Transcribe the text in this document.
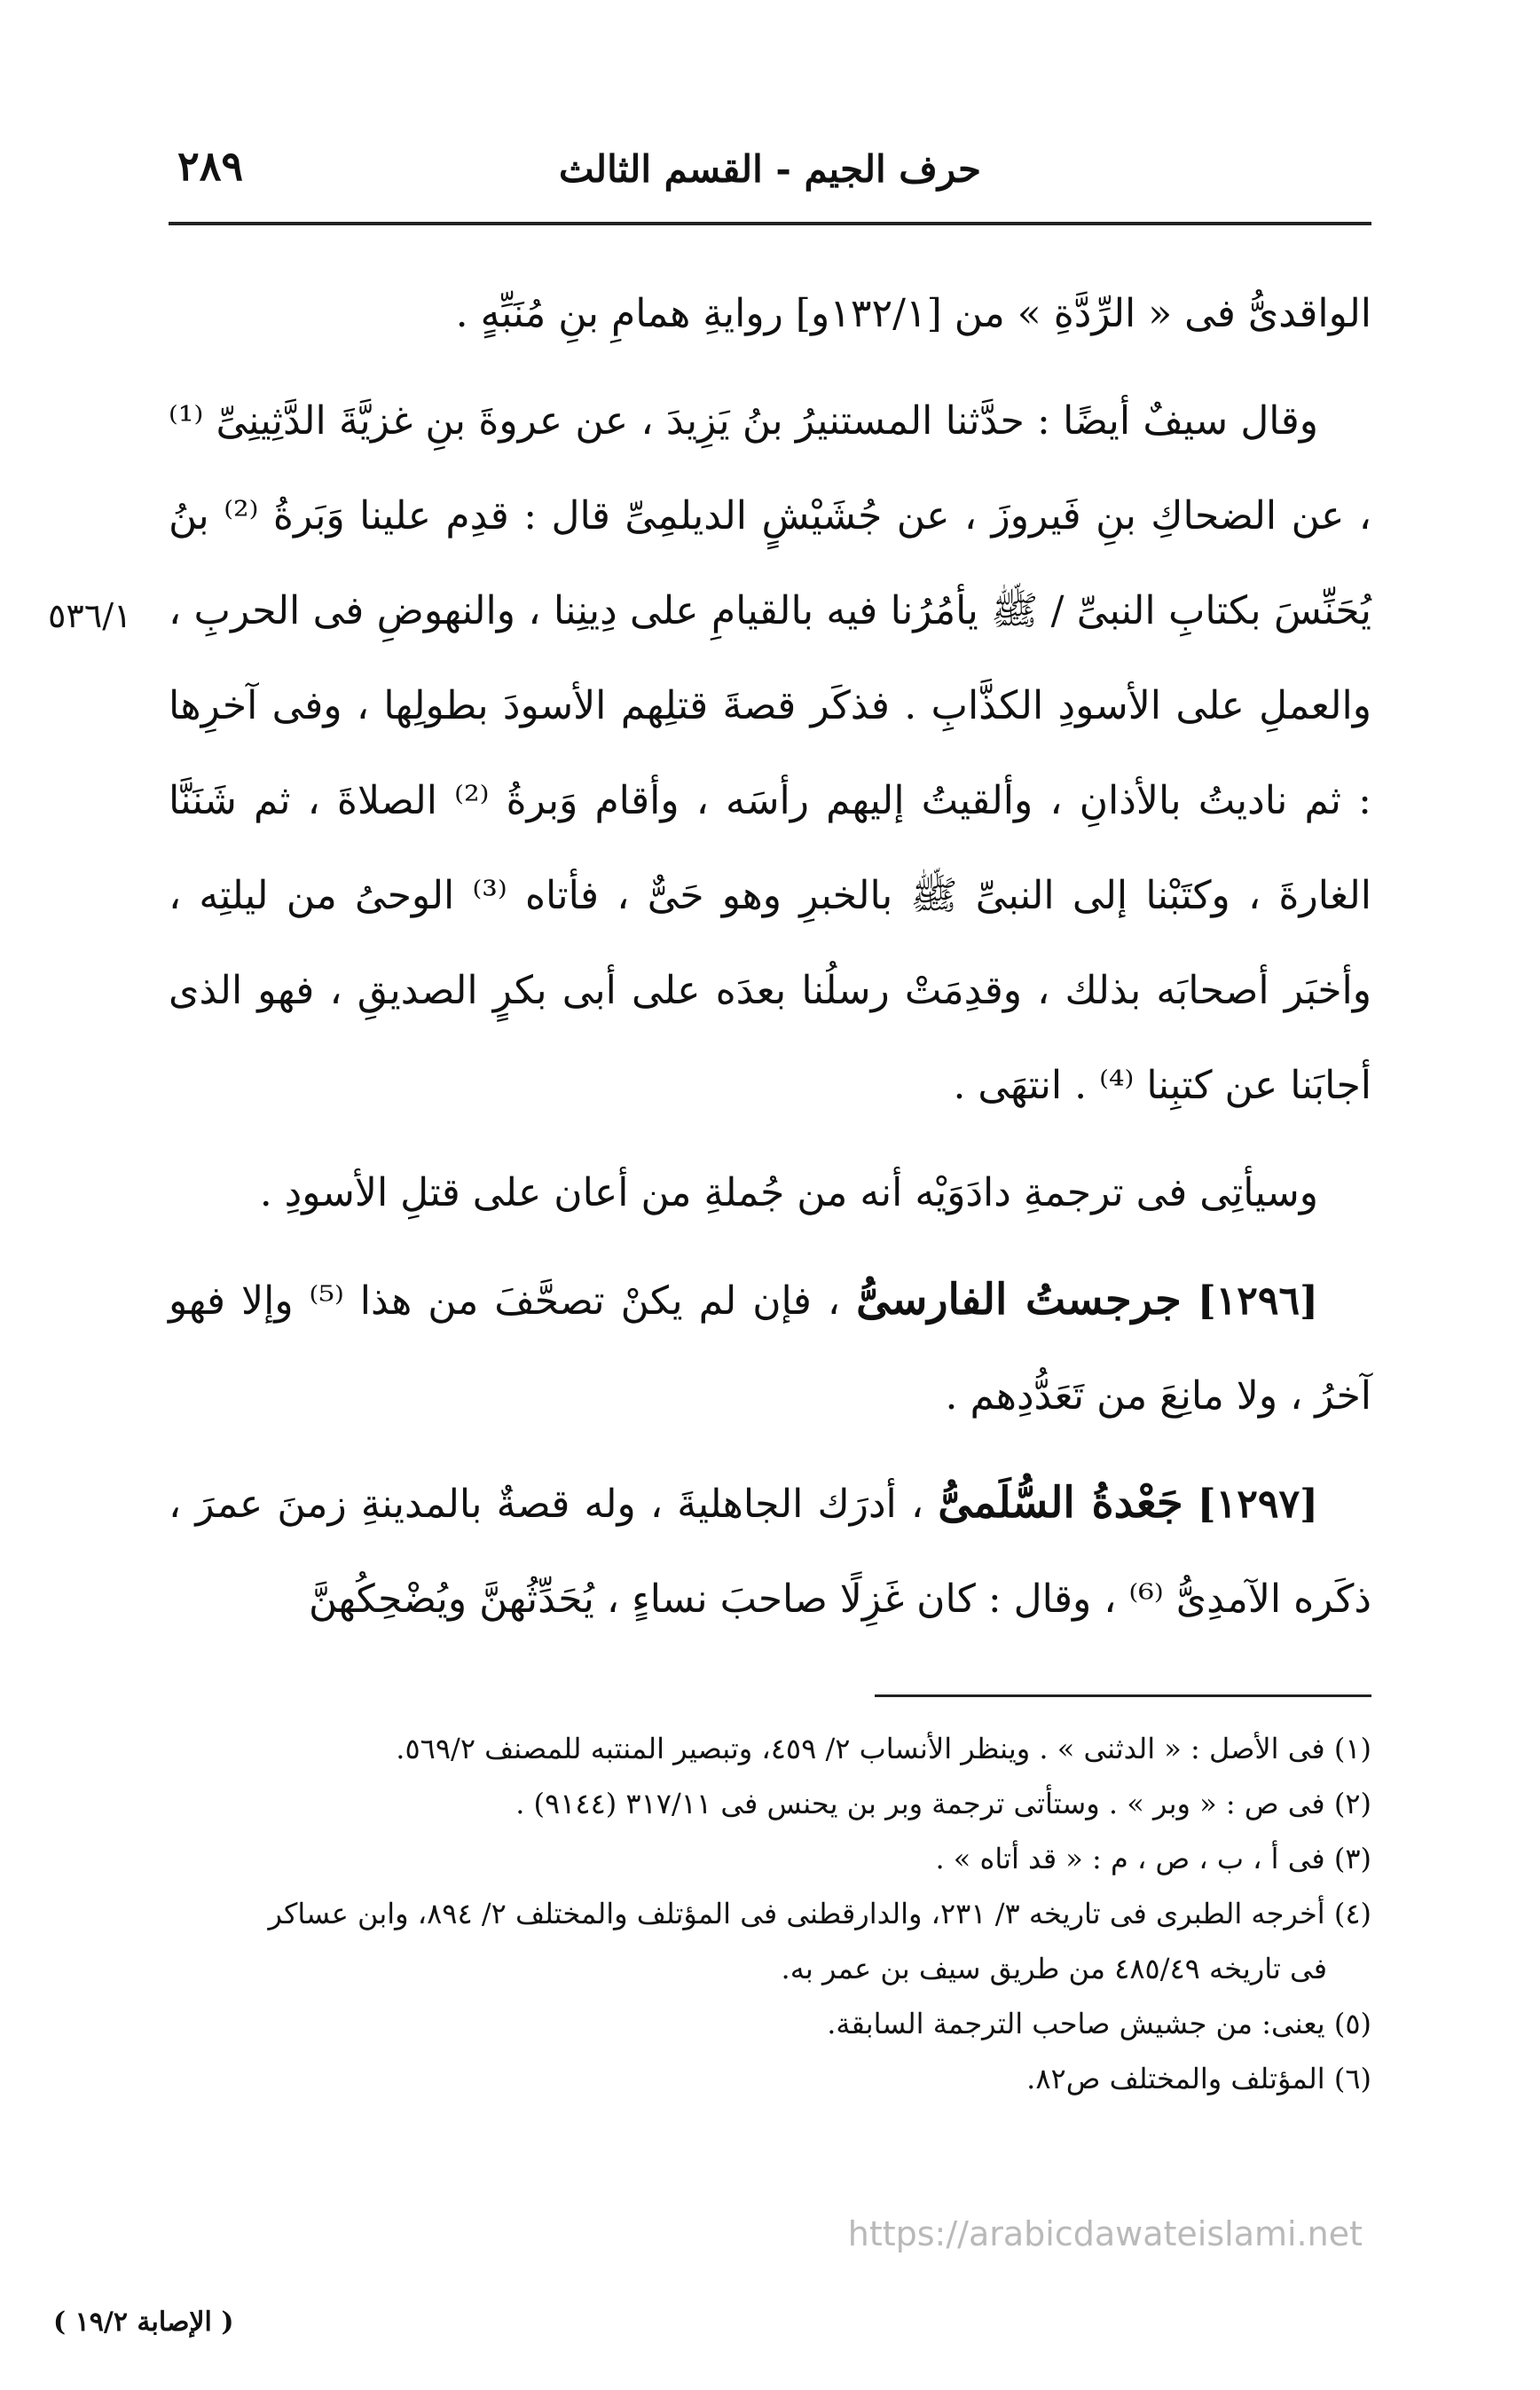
٢٨٩	حرف الجيم - القسم الثالث
٥٣٦/١

الواقدىُّ فى « الرِّدَّةِ » من [١٣٢/١و] روايةِ همامِ بنِ مُنَبِّهٍ .

وقال سيفٌ أيضًا : حدَّثنا المستنيرُ بنُ يَزِيدَ ، عن عروةَ بنِ غزيَّةَ الدَّثِينِىِّ ⁽¹⁾ ، عن الضحاكِ بنِ فَيروزَ ، عن جُشَيْشٍ الديلمِىِّ قال : قدِم علينا وَبَرةُ ⁽²⁾ بنُ يُحَنِّسَ بكتابِ النبىِّ / ﷺ يأمُرُنا فيه بالقيامِ على دِينِنا ، والنهوضِ فى الحربِ ، والعملِ على الأسودِ الكذَّابِ . فذكَر قصةَ قتلِهم الأسودَ بطولِها ، وفى آخرِها : ثم ناديتُ بالأذانِ ، وألقيتُ إليهم رأسَه ، وأقام وَبرةُ ⁽²⁾ الصلاةَ ، ثم شَنَنَّا الغارةَ ، وكتَبْنا إلى النبىِّ ﷺ بالخبرِ وهو حَىٌّ ، فأتاه ⁽³⁾ الوحىُ من ليلتِه ، وأخبَر أصحابَه بذلك ، وقدِمَتْ رسلُنا بعدَه على أبى بكرٍ الصديقِ ، فهو الذى أجابَنا عن كتبِنا ⁽⁴⁾ . انتهَى .

وسيأتِى فى ترجمةِ دادَوَيْه أنه من جُملةِ من أعان على قتلِ الأسودِ .

[١٢٩٦] جرجستُ الفارسىُّ ، فإن لم يكنْ تصحَّفَ من هذا ⁽⁵⁾ وإلا فهو آخرُ ، ولا مانِعَ من تَعَدُّدِهم .

[١٢٩٧] جَعْدةُ السُّلَمىُّ ، أدرَك الجاهليةَ ، وله قصةٌ بالمدينةِ زمنَ عمرَ ، ذكَره الآمدِىُّ ⁽⁶⁾ ، وقال : كان غَزِلًا صاحبَ نساءٍ ، يُحَدِّثُهنَّ ويُضْحِكُهنَّ

(١) فى الأصل : « الدثنى » . وينظر الأنساب ٢/ ٤٥٩، وتبصير المنتبه للمصنف ٥٦٩/٢.

(٢) فى ص : « وبر » . وستأتى ترجمة وبر بن يحنس فى ٣١٧/١١ (٩١٤٤) .

(٣) فى أ ، ب ، ص ، م : « قد أتاه » .

(٤) أخرجه الطبرى فى تاريخه ٣/ ٢٣١، والدارقطنى فى المؤتلف والمختلف ٢/ ٨٩٤، وابن عساكر

فى تاريخه ٤٨٥/٤٩ من طريق سيف بن عمر به.

(٥) يعنى: من جشيش صاحب الترجمة السابقة.

(٦) المؤتلف والمختلف ص٨٢.

https://arabicdawateislami.net
( الإصابة ١٩/٢ )
